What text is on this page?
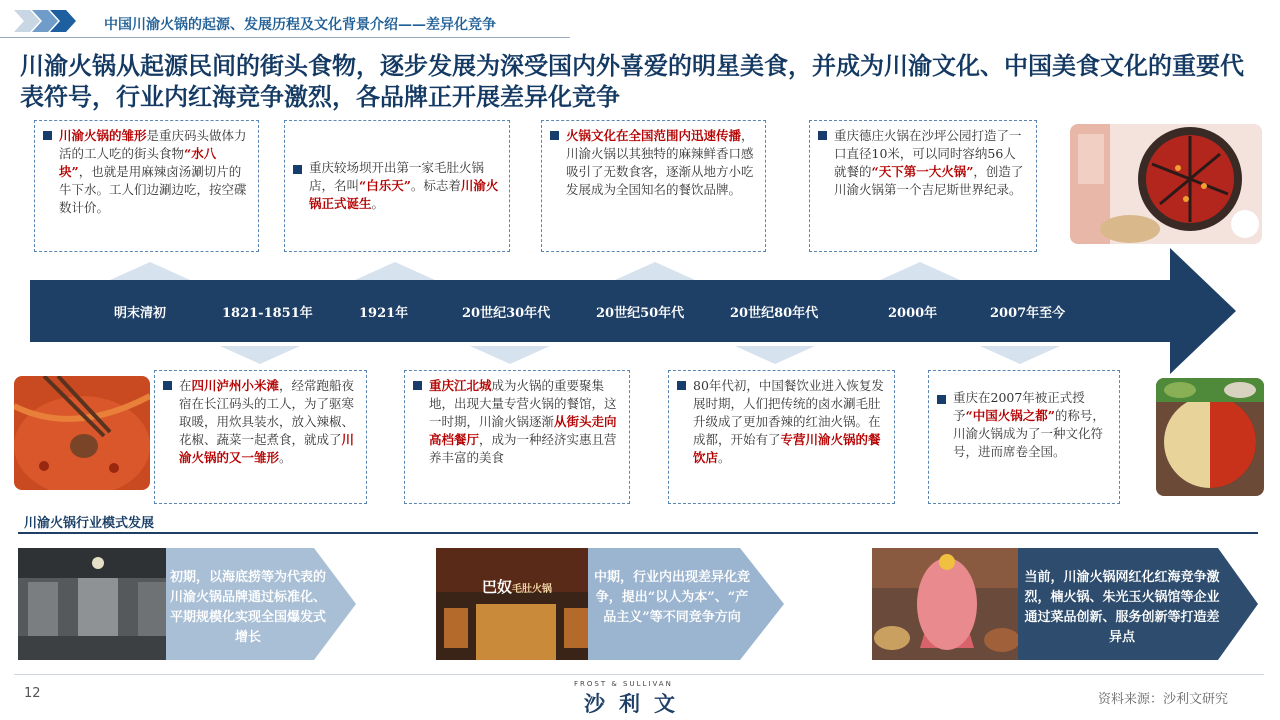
中国川渝火锅的起源、发展历程及文化背景介绍——差异化竞争
川渝火锅从起源民间的街头食物，逐步发展为深受国内外喜爱的明星美食，并成为川渝文化、中国美食文化的重要代表符号，行业内红海竞争激烈，各品牌正开展差异化竞争
川渝火锅的雏形是重庆码头做体力活的工人吃的街头食物“水八块”，也就是用麻辣卤汤涮切片的牛下水。工人们边涮边吃，按空碟数计价。
重庆较场坝开出第一家毛肚火锅店，名叫“白乐天”。标志着川渝火锅正式诞生。
火锅文化在全国范围内迅速传播，川渝火锅以其独特的麻辣鲜香口感吸引了无数食客，逐渐从地方小吃发展成为全国知名的餐饮品牌。
重庆德庄火锅在沙坪公园打造了一口直径10米，可以同时容纳56人就餐的“天下第一大火锅”，创造了川渝火锅第一个吉尼斯世界纪录。
明末清初	1821-1851年	1921年	20世纪30年代	20世纪50年代	20世纪80年代	2000年	2007年至今
在四川泸州小米滩，经常跑船夜宿在长江码头的工人，为了驱寒取暖，用炊具装水，放入辣椒、花椒、蔬菜一起煮食，就成了川渝火锅的又一雏形。
重庆江北城成为火锅的重要聚集地，出现大量专营火锅的餐馆，这一时期，川渝火锅逐渐从街头走向高档餐厅，成为一种经济实惠且营养丰富的美食
80年代初，中国餐饮业进入恢复发展时期，人们把传统的卤水涮毛肚升级成了更加香辣的红油火锅。在成都，开始有了专营川渝火锅的餐饮店。
重庆在2007年被正式授予“中国火锅之都”的称号，川渝火锅成为了一种文化符号，进而席卷全国。
川渝火锅行业模式发展
初期，以海底捞等为代表的川渝火锅品牌通过标准化、平期规模化实现全国爆发式增长
巴奴毛肚火锅
中期，行业内出现差异化竞争，提出“以人为本”、“产品主义”等不同竞争方向
当前，川渝火锅网红化红海竞争激烈，楠火锅、朱光玉火锅馆等企业通过菜品创新、服务创新等打造差异点
12
FROST & SULLIVAN
沙利文	资料来源：沙利文研究
